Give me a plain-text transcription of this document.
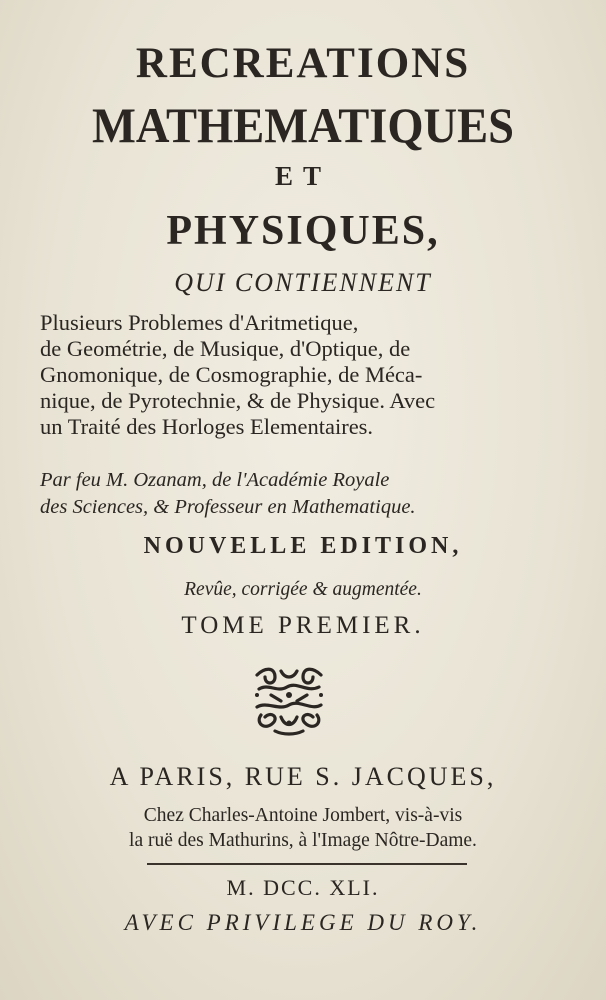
RECREATIONS
MATHEMATIQUES
ET
PHYSIQUES,
QUI CONTIENNENT
Plusieurs Problemes d'Aritmetique,
de Geométrie, de Musique, d'Optique, de
Gnomonique, de Cosmographie, de Méca-
nique, de Pyrotechnie, & de Physique. Avec
un Traité des Horloges Elementaires.
Par feu M. Ozanam, de l'Académie Royale
des Sciences, & Professeur en Mathematique.
NOUVELLE EDITION,
Revûe, corrigée & augmentée.
TOME PREMIER.
A PARIS, RUE S. JACQUES,
Chez Charles-Antoine Jombert, vis-à-vis
la ruë des Mathurins, à l'Image Nôtre-Dame.
M. DCC. XLI.
AVEC PRIVILEGE DU ROY.
